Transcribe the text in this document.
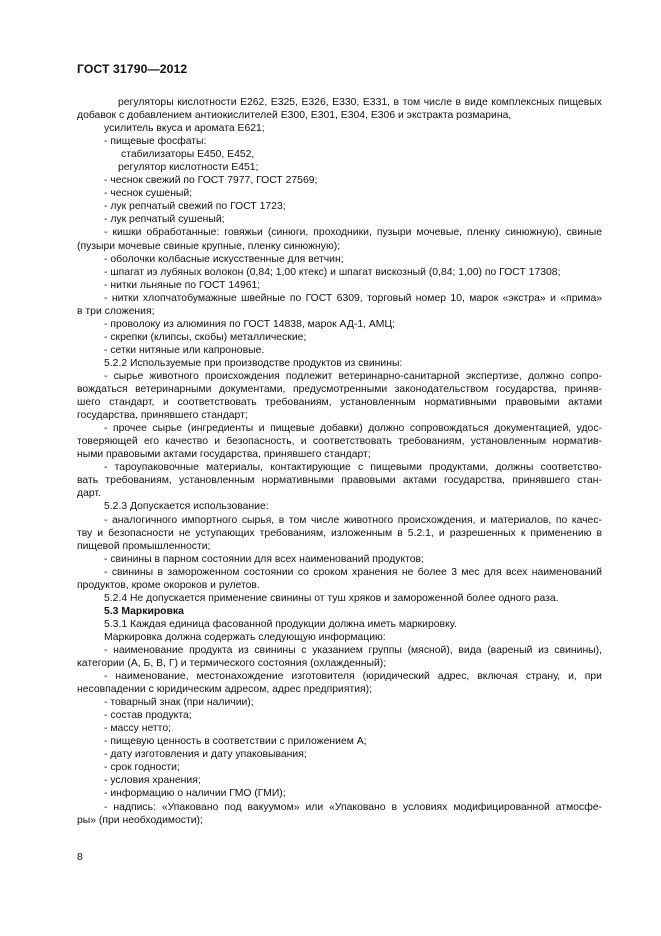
ГОСТ 31790—2012

регуляторы кислотности Е262, Е325, Е326, Е330, Е331, в том числе в виде комплексных пищевых

добавок с добавлением антиокислителей Е300, Е301, Е304, Е306 и экстракта розмарина,

усилитель вкуса и аромата Е621;

- пищевые фосфаты:

стабилизаторы Е450, Е452,

регулятор кислотности Е451;

- чеснок свежий по ГОСТ 7977, ГОСТ 27569;

- чеснок сушеный;

- лук репчатый свежий по ГОСТ 1723;

- лук репчатый сушеный;

- кишки обработанные: говяжьи (синюги, проходники, пузыри мочевые, пленку синюжную), свиные

(пузыри мочевые свиные крупные, пленку синюжную);

- оболочки колбасные искусственные для ветчин;

- шпагат из лубяных волокон (0,84; 1,00 ктекс) и шпагат вискозный (0,84; 1,00) по ГОСТ 17308;

- нитки льняные по ГОСТ 14961;

- нитки хлопчатобумажные швейные по ГОСТ 6309, торговый номер 10, марок «экстра» и «прима»

в три сложения;

- проволоку из алюминия по ГОСТ 14838, марок АД-1, АМЦ;

- скрепки (клипсы, скобы) металлические;

- сетки нитяные или капроновые.

5.2.2 Используемые при производстве продуктов из свинины:

- сырье животного происхождения подлежит ветеринарно-санитарной экспертизе, должно сопро-

вождаться ветеринарными документами, предусмотренными законодательством государства, приняв-

шего стандарт, и соответствовать требованиям, установленным нормативными правовыми актами

государства, принявшего стандарт;

- прочее сырье (ингредиенты и пищевые добавки) должно сопровождаться документацией, удос-

товеряющей его качество и безопасность, и соответствовать требованиям, установленным норматив-

ными правовыми актами государства, принявшего стандарт;

- тароупаковочные материалы, контактирующие с пищевыми продуктами, должны соответство-

вать требованиям, установленным нормативными правовыми актами государства, принявшего стан-

дарт.

5.2.3 Допускается использование:

- аналогичного импортного сырья, в том числе животного происхождения, и материалов, по качес-

тву и безопасности не уступающих требованиям, изложенным в 5.2.1, и разрешенных к применению в

пищевой промышленности;

- свинины в парном состоянии для всех наименований продуктов;

- свинины в замороженном состоянии со сроком хранения не более 3 мес для всех наименований

продуктов, кроме окороков и рулетов.

5.2.4 Не допускается применение свинины от туш хряков и замороженной более одного раза.

5.3 Маркировка

5.3.1 Каждая единица фасованной продукции должна иметь маркировку.

Маркировка должна содержать следующую информацию:

- наименование продукта из свинины с указанием группы (мясной), вида (вареный из свинины),

категории (А, Б, В, Г) и термического состояния (охлажденный);

- наименование, местонахождение изготовителя (юридический адрес, включая страну, и, при

несовпадении с юридическим адресом, адрес предприятия);

- товарный знак (при наличии);

- состав продукта;

- массу нетто;

- пищевую ценность в соответствии с приложением А;

- дату изготовления и дату упаковывания;

- срок годности;

- условия хранения;

- информацию о наличии ГМО (ГМИ);

- надпись: «Упаковано под вакуумом» или «Упаковано в условиях модифицированной атмосфе-

ры» (при необходимости);

8
